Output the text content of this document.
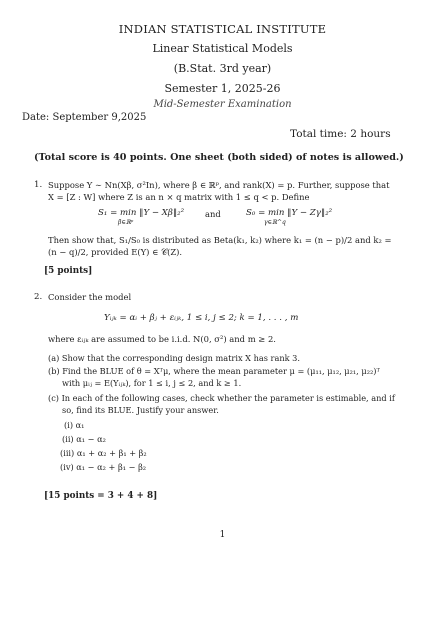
INDIAN STATISTICAL INSTITUTE
Linear Statistical Models
(B.Stat. 3rd year)
Semester 1, 2025-26
Mid-Semester Examination
Date: September 9,2025
Total time: 2 hours
(Total score is 40 points. One sheet (both sided) of notes is allowed.)
1. Suppose Y ∼ Nn(Xβ, σ²In), where β ∈ ℝᵖ, and rank(X) = p. Further, suppose that
X = [Z : W] where Z is an n × q matrix with 1 ≤ q < p. Define
S₁ = min ‖Y − Xβ‖₂²
β∈ℝᵖ
and	S₀ = min ‖Y − Zγ‖₂²
γ∈ℝ^q
Then show that, S₁/S₀ is distributed as Beta(k₁, k₂) where k₁ = (n − p)/2 and k₂ =
(n − q)/2, provided E(Y) ∈ 𝒞(Z).
[5 points]
2. Consider the model
Yᵢⱼₖ = αᵢ + βⱼ + εᵢⱼₖ, 1 ≤ i, j ≤ 2; k = 1, . . . , m
where εᵢⱼₖ are assumed to be i.i.d. N(0, σ²) and m ≥ 2.
(a) Show that the corresponding design matrix X has rank 3.
(b) Find the BLUE of θ = Xᵀμ, where the mean parameter μ = (μ₁₁, μ₁₂, μ₂₁, μ₂₂)ᵀ
with μᵢⱼ = E(Yᵢⱼₖ), for 1 ≤ i, j ≤ 2, and k ≥ 1.
(c) In each of the following cases, check whether the parameter is estimable, and if
so, find its BLUE. Justify your answer.
(i) α₁
(ii) α₁ − α₂
(iii) α₁ + α₂ + β₁ + β₂
(iv) α₁ − α₂ + β₁ − β₂
[15 points = 3 + 4 + 8]
1
